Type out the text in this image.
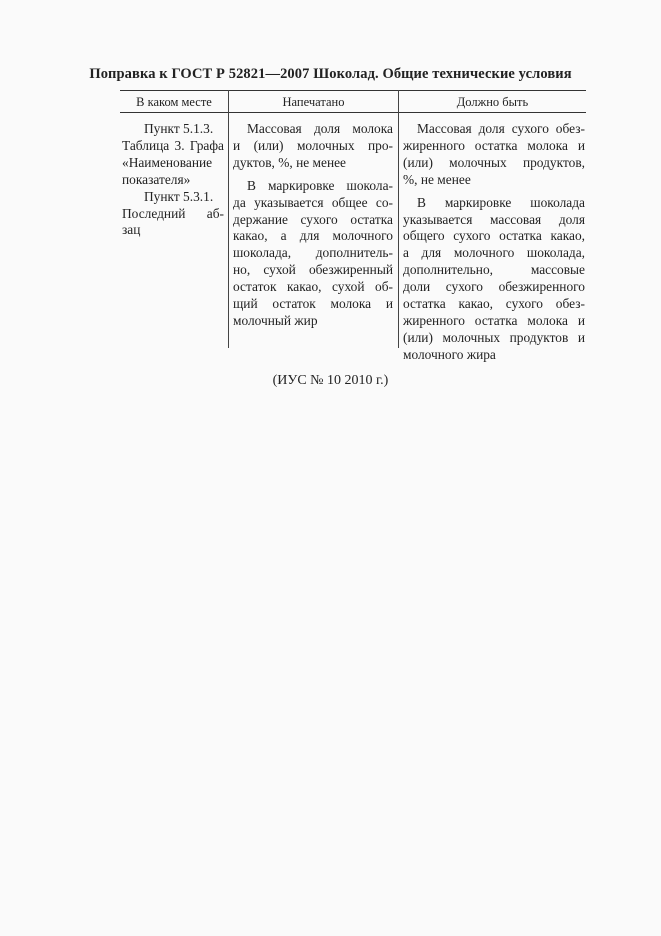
Поправка к ГОСТ Р 52821—2007 Шоколад. Общие технические условия
В каком месте	Напечатано	Должно быть
Пункт 5.1.3.
Таблица 3. Графа
«Наименование
показателя»
Пункт 5.3.1.
Последний аб-
зац
Массовая доля молока
и (или) молочных про-
дуктов, %, не менее
В маркировке шокола-
да указывается общее со-
держание сухого остатка
какао, а для молочного
шоколада, дополнитель-
но, сухой обезжиренный
остаток какао, сухой об-
щий остаток молока и
молочный жир
Массовая доля сухого обез-
жиренного остатка молока и
(или) молочных продуктов,
%, не менее
В маркировке шоколада
указывается массовая доля
общего сухого остатка какао,
а для молочного шоколада,
дополнительно, массовые
доли сухого обезжиренного
остатка какао, сухого обез-
жиренного остатка молока и
(или) молочных продуктов и
молочного жира
(ИУС № 10 2010 г.)
